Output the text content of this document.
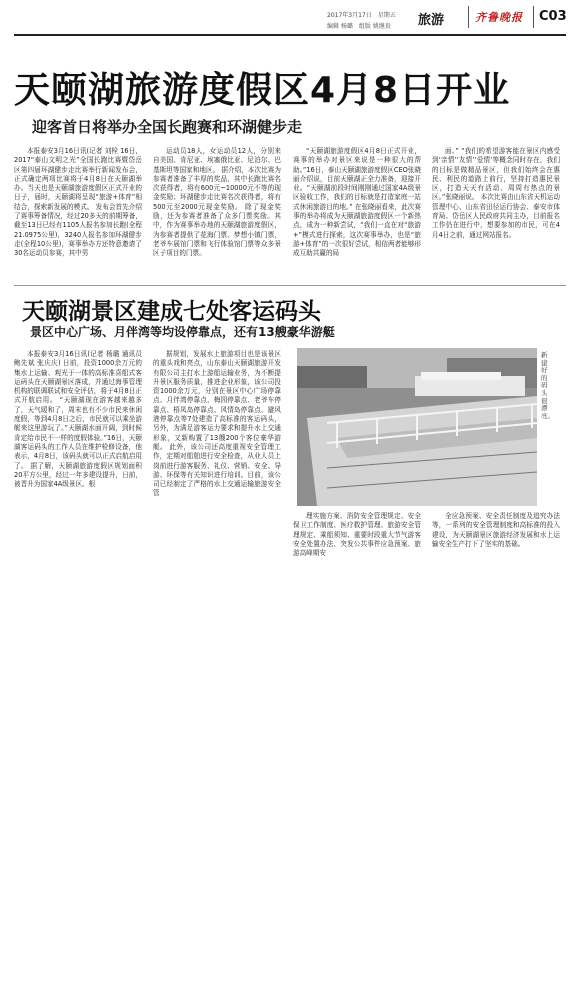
2017年3月17日　星期五
编辑 杨璐　组版 姚继贵 旅游	齐鲁晚报 C03
天颐湖旅游度假区4月8日开业
迎客首日将举办全国长跑赛和环湖健步走

本报泰安3月16日讯(记者 刘栓 16日，2017“泰山文明之光”全国长跑比赛暨岱岳区第四届环湖健步走比赛举行新闻发布会，正式确定两项比赛将于4月8日在天颐湖举办。当天也是天颐湖旅游度假区正式开业的日子，届时，天颐湖将呈现“旅游+体育”相结合，探索新发展的模式。 发布会首先介绍了赛事筹备情况，经过20多天的前期筹备，截至13日已经有1105人报名参加长跑(全程21.0975公里)，3240人报名参加环湖健步走(全程10公里)，赛事举办方还特意邀请了30名运动员参赛，其中男

运动员18人，女运动员12人，分别来自美国、肯尼亚、埃塞俄比亚、尼泊尔、巴基斯坦等国家和地区。 据介绍，本次比赛为参赛者准备了丰厚的奖品，其中长跑比赛名次获得者，将有600元~10000元不等的现金奖励；环湖健步走比赛名次获得者，将有500元至2000元现金奖励。 除了现金奖励，还为参赛者准备了众多门票奖励。其中，作为赛事举办地的天颐湖旅游度假区，为参赛者提供了花海门票、梦想小镇门票，老爷车展馆门票和飞行体验馆门票等众多景区子项目的门票。

“天颐湖旅游度假区4月8日正式开业，赛事的举办对景区来说是一种很大的帮助。”16日，泰山天颐湖旅游度假区CEO张晓丽介绍说，目前天颐湖正全力准备，迎接开业。“天颐湖前段时间刚刚通过国家4A级景区验收工作，我们的目标就是打造家庭一站式休闲旅游目的地。” 在张晓丽看来，此次赛事的举办将成为天颐湖旅游度假区一个新热点，成为一种新尝试，“我们一直在对“旅游+”模式进行探索，这次赛事举办，也是“旅游+体育”的一次很好尝试，相信两者能够形成互助共赢的局

面。” “我们的希望游客能在景区内感受到‘亲情’‘友情’‘爱情’等概念同时存在，我们的目标是做精品景区，但我们始终会在惠民、利民的道路上前行，坚持打造惠民景区，打造天天有活动、周周有热点的景区。”张晓丽说。 本次比赛由山东省天机运动管理中心、山东省田径运行协会、泰安市体育局、岱岳区人民政府共同主办，目前报名工作仍在进行中，想要参加的市民，可在4月4日之前，通过网站报名。

天颐湖景区建成七处客运码头
景区中心广场、月伴湾等均设停靠点，还有13艘豪华游艇

本报泰安3月16日讯(记者 杨璐 通讯员 鲍先斌 张庆庆) 日前，投资1000余万元的集水上运输、观光于一体的高标准喜船式客运码头在天颐湖景区落成，并通过海事管理机构的联调联试和安全评估，将于4月8日正式开航启用。 “天颐湖现在游客越来越多了，天气暖和了，周末也有不少市民来休闲度假，等到4月8日之后，市民就可以乘坐游艇来这里游玩了。”天颐湖水面开阔，到时候肯定给市民不一样的度假体验。”16日，天颐湖客运码头的工作人员在维护检修设备，他表示，4月8日，该码头就可以正式启航启用了。 据了解，天颐湖旅游度假区规划面积20平方公里，经过一年多建设提升，日前，被晋升为国家4A级景区。根

据规划，发展水上旅游项目也是该景区的重头戏和亮点，山东泰山天颐湖旅游开发有限公司主打水上游船运输业务，为不断提升景区服务质量，推进企业形象，该公司投资1000余万元，分别在景区中心广场停靠点、月伴湾停靠点、梅园停靠点、老爷车停靠点、梧凤岛停靠点、风情岛停靠点、避风港停靠点等7处建造了高标准的客运码头，另外，为满足游客运力要求和提升水上交通形象，又新购置了13艘200个客位豪华游艇。 此外，该公司还高度重视安全管理工作，定期对船舶进行安全检查，从业人员上岗前进行游客服务、礼仪、营销、安全、导游、环保等有关知识进行培训。目前，该公司已经制定了严格的水上交通运输旅游安全管

新建好的码头很漂亮。

理实施方案、消防安全管理规定、安全保卫工作制度、医疗救护管理、旅游安全管理规定、乘船须知、重要时段重大节气游客安全处置办法、突发公共事件应急预案、旅游高峰期安

全应急预案、安全责任制度及追究办法等，一系列的安全管理制度和高标准的投入建设，为天颐湖景区旅游经济发展和水上运输安全生产打下了坚实的基础。
